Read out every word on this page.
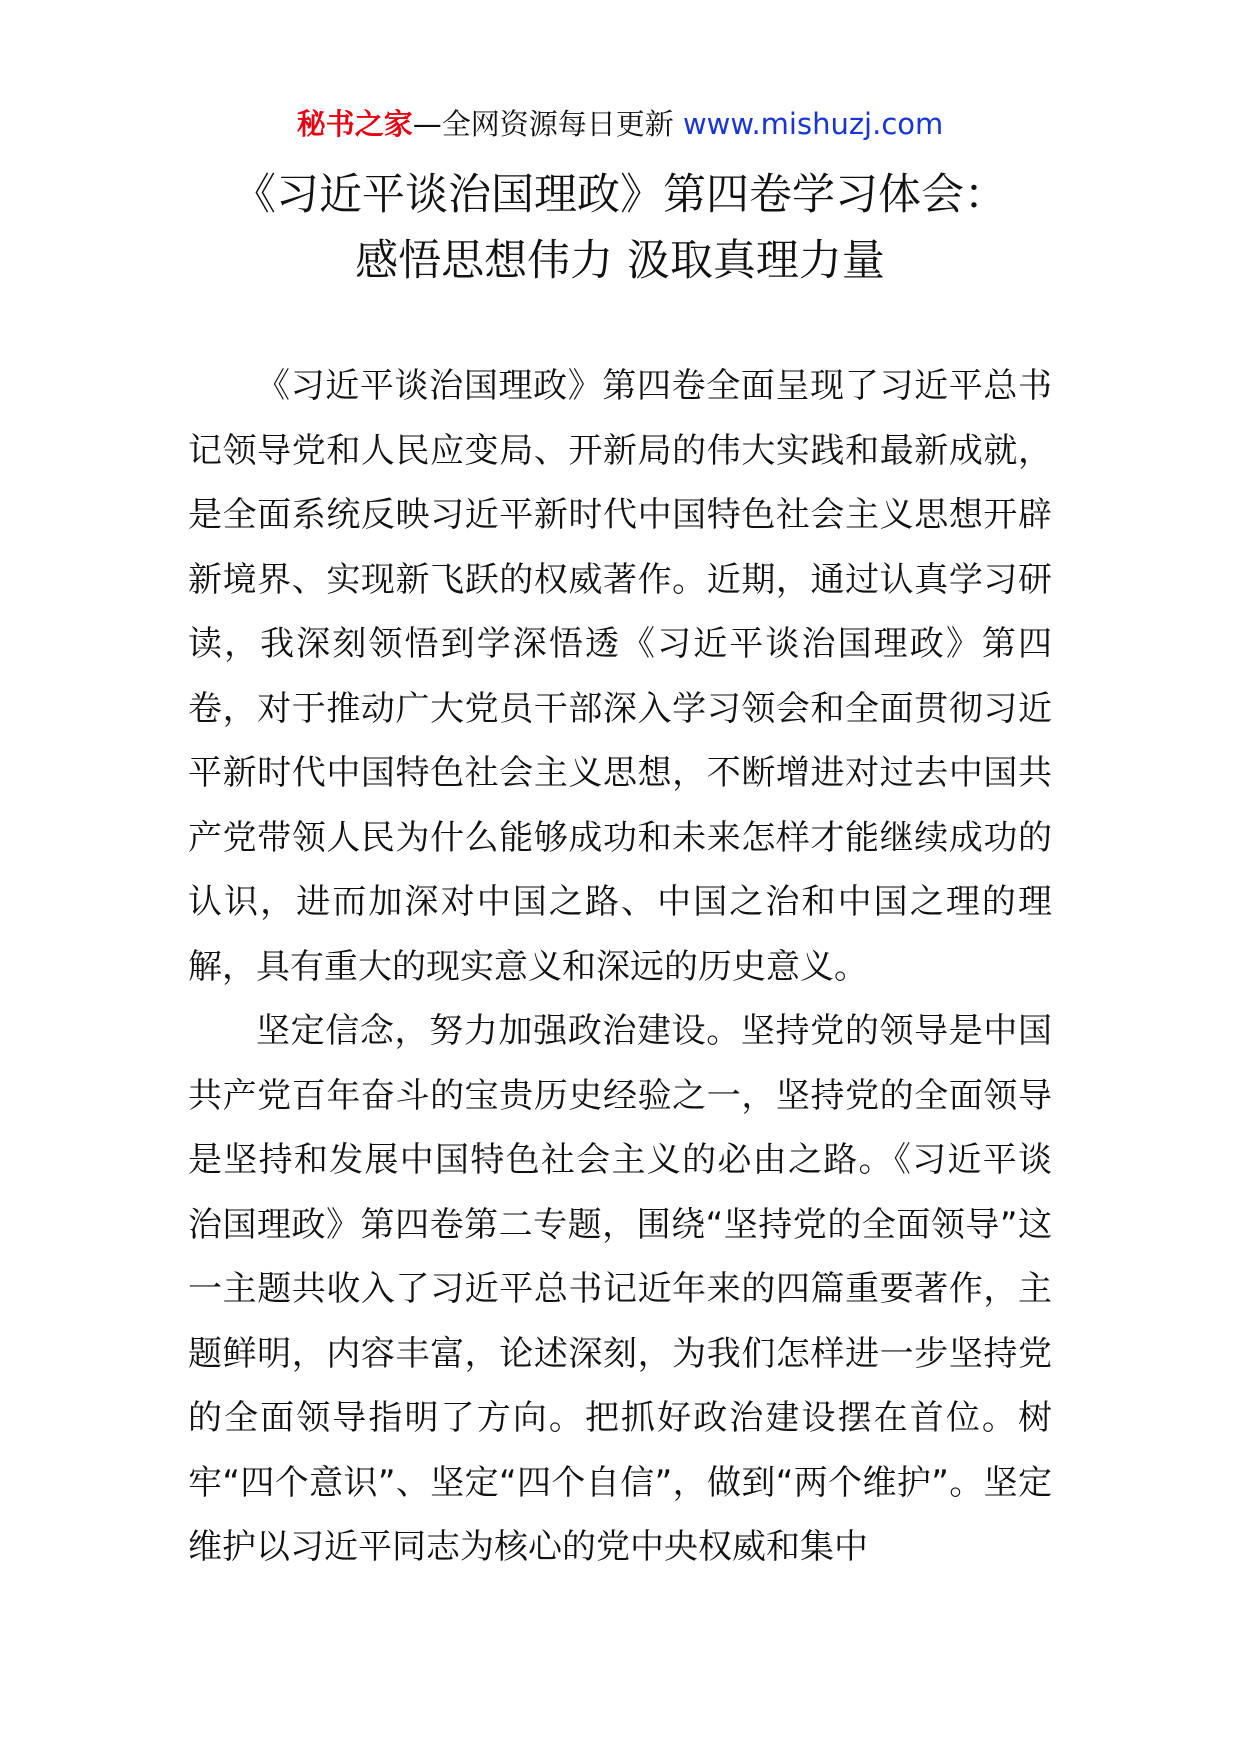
秘书之家—全网资源每日更新 www.mishuzj.com
《习近平谈治国理政》第四卷学习体会：
感悟思想伟力 汲取真理力量

《习近平谈治国理政》第四卷全面呈现了习近平总书记领导党和人民应变局、开新局的伟大实践和最新成就，是全面系统反映习近平新时代中国特色社会主义思想开辟新境界、实现新飞跃的权威著作。近期，通过认真学习研读，我深刻领悟到学深悟透《习近平谈治国理政》第四卷，对于推动广大党员干部深入学习领会和全面贯彻习近平新时代中国特色社会主义思想，不断增进对过去中国共产党带领人民为什么能够成功和未来怎样才能继续成功的认识，进而加深对中国之路、中国之治和中国之理的理解，具有重大的现实意义和深远的历史意义。

坚定信念，努力加强政治建设。坚持党的领导是中国共产党百年奋斗的宝贵历史经验之一，坚持党的全面领导是坚持和发展中国特色社会主义的必由之路。《习近平谈治国理政》第四卷第二专题，围绕“坚持党的全面领导”这一主题共收入了习近平总书记近年来的四篇重要著作，主题鲜明，内容丰富，论述深刻，为我们怎样进一步坚持党的全面领导指明了方向。把抓好政治建设摆在首位。树牢“四个意识”、坚定“四个自信”，做到“两个维护”。坚定维护以习近平同志为核心的党中央权威和集中
